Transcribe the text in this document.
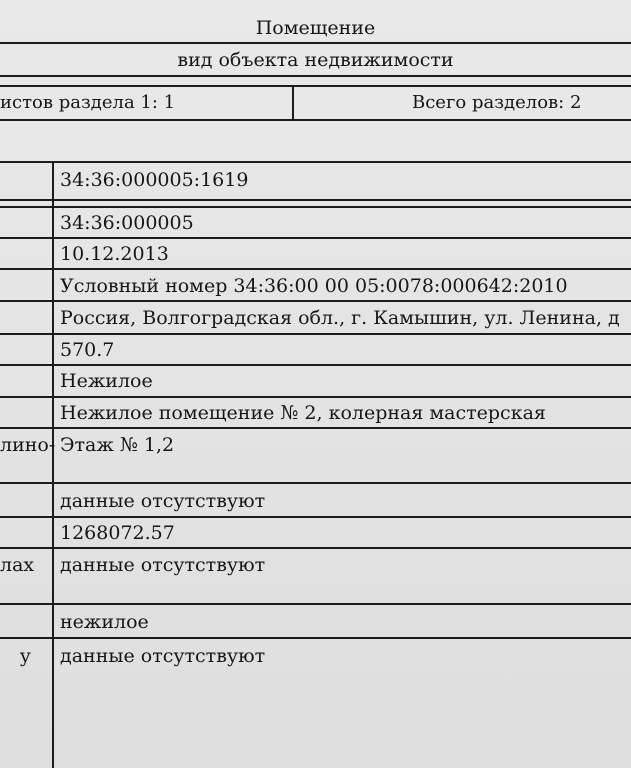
Помещение
вид объекта недвижимости
истов раздела 1: 1	Всего разделов: 2
34:36:000005:1619
34:36:000005
10.12.2013
Условный номер 34:36:00 00 05:0078:000642:2010
Россия, Волгоградская обл., г. Камышин, ул. Ленина, д
570.7
Нежилое
Нежилое помещение № 2, колерная мастерская
лино- Этаж № 1,2
данные отсутствуют
1268072.57
лах данные отсутствуют
нежилое
y данные отсутствуют
